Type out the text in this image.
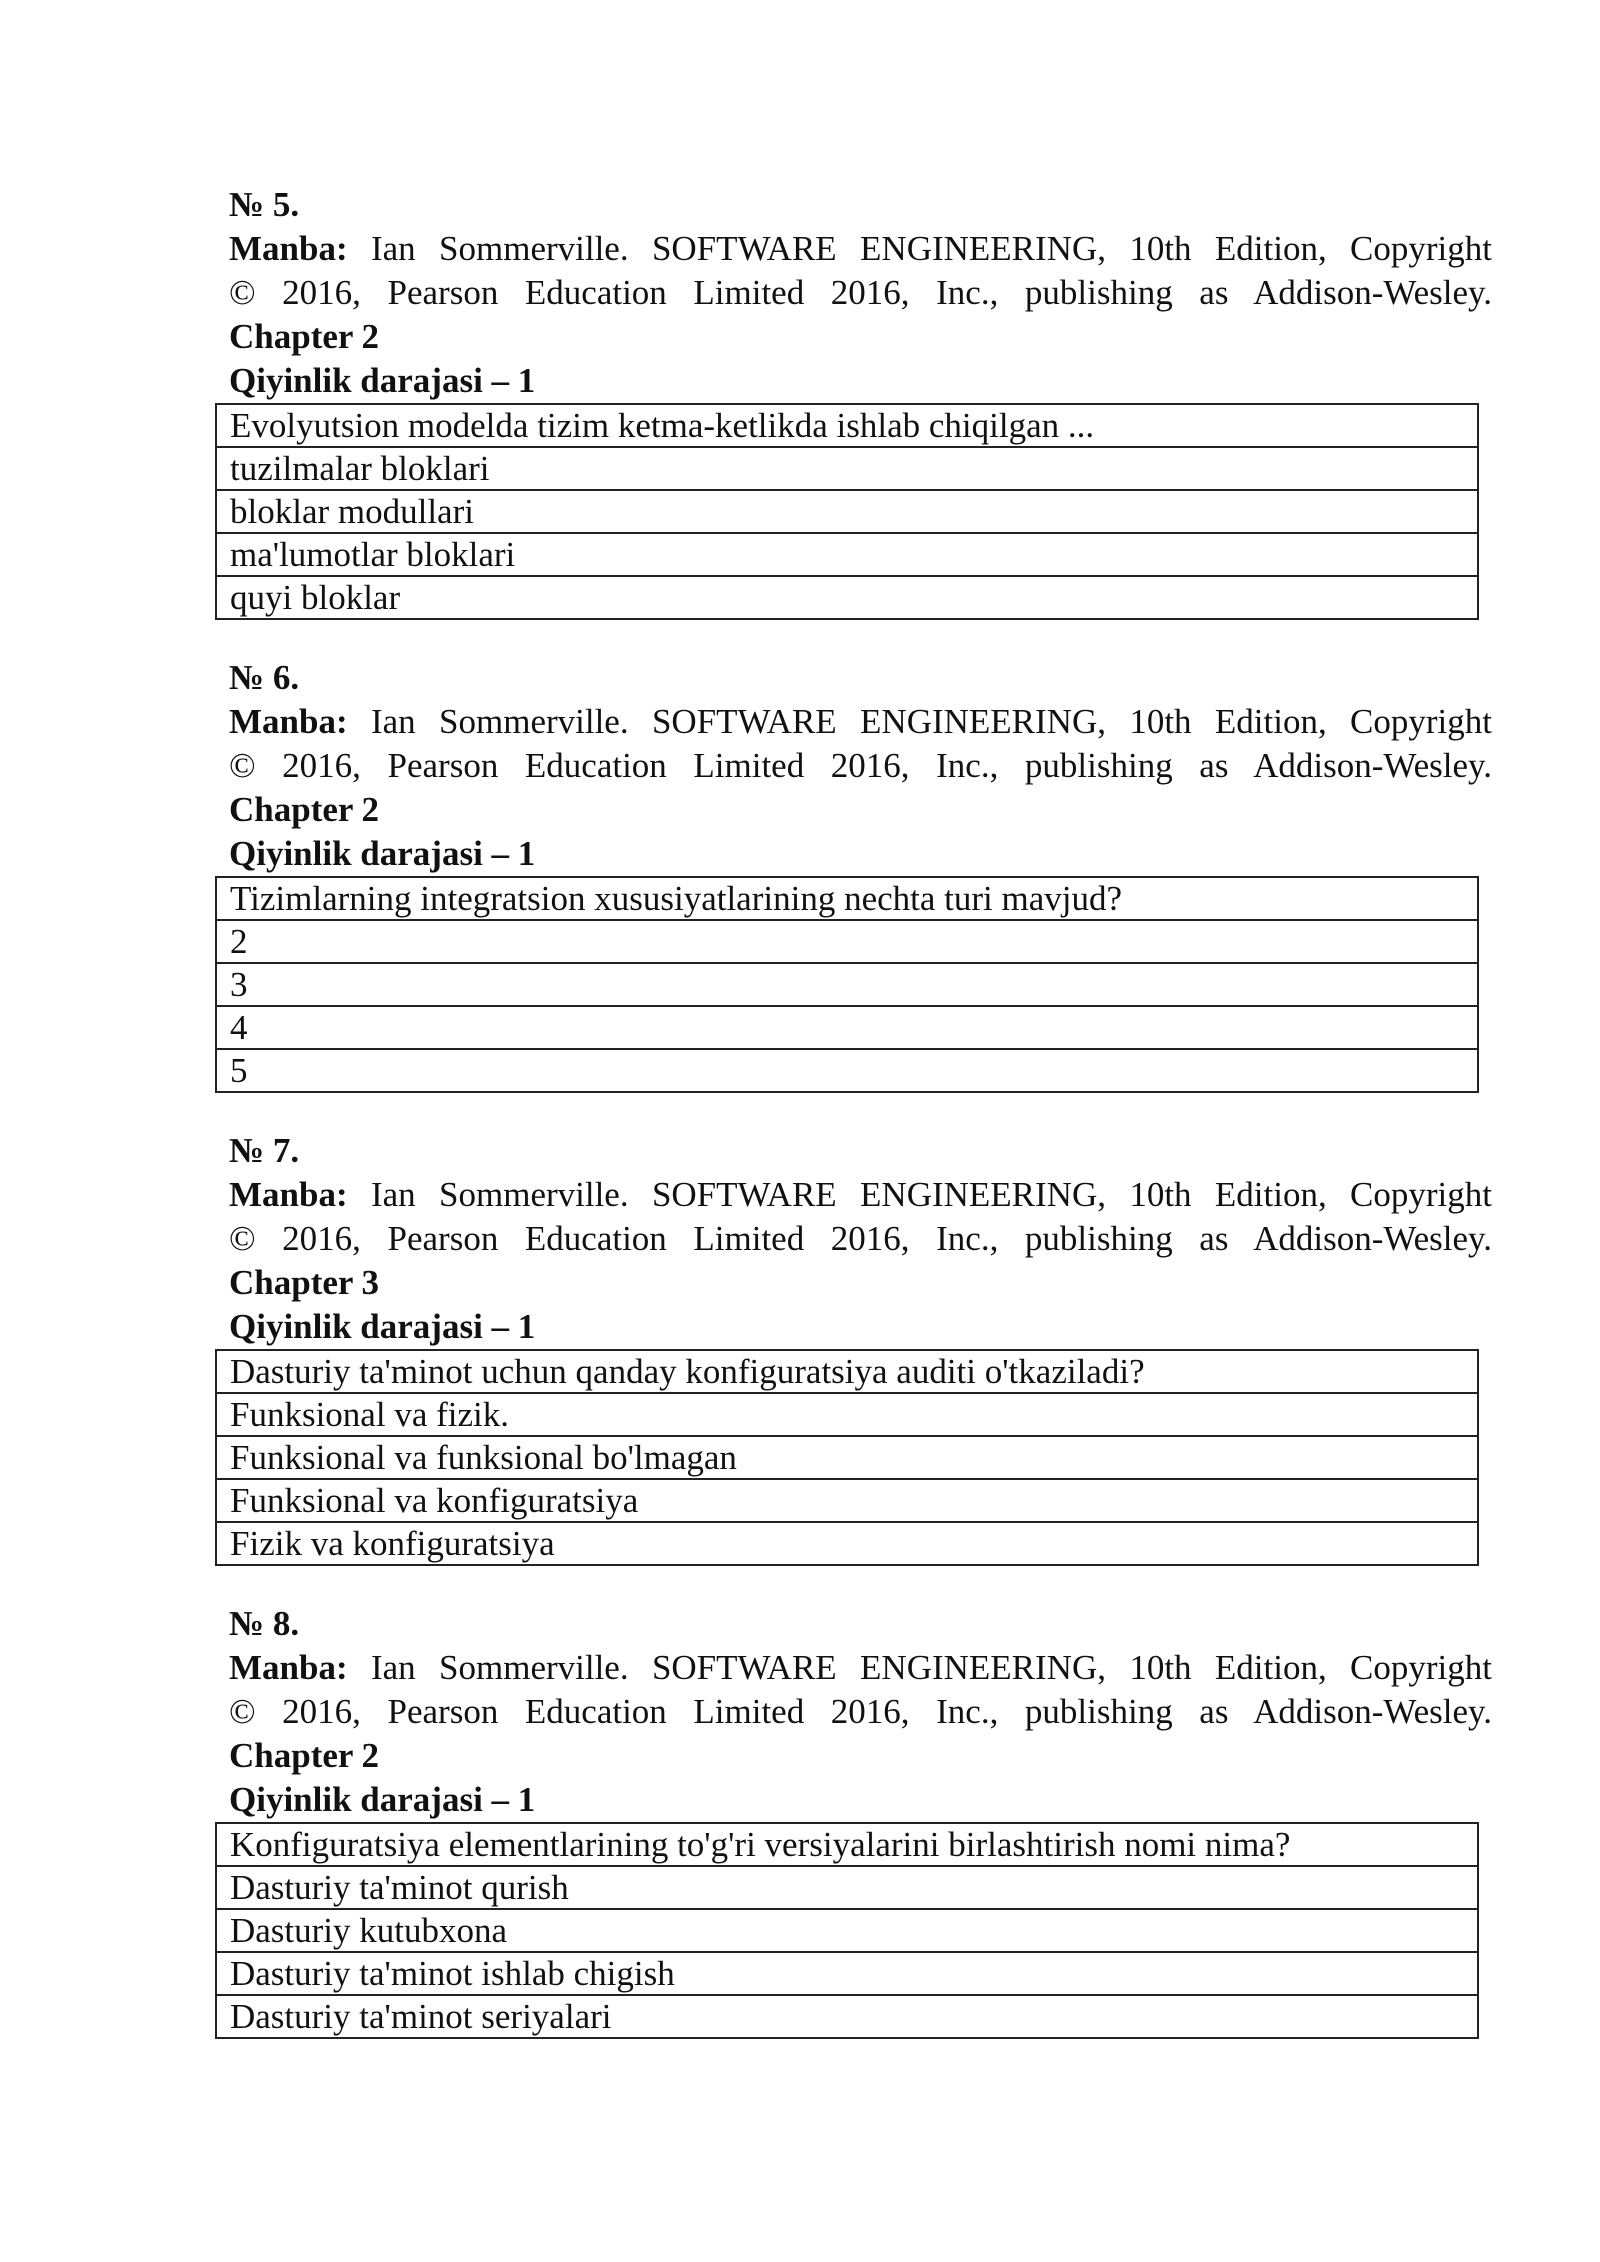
№ 5.
Manba: Ian Sommerville. SOFTWARE ENGINEERING, 10th Edition, Copyright
© 2016, Pearson Education Limited 2016, Inc., publishing as Addison-Wesley.
Chapter 2
Qiyinlik darajasi – 1
Evolyutsion modelda tizim ketma-ketlikda ishlab chiqilgan ...
tuzilmalar bloklari
bloklar modullari
ma'lumotlar bloklari
quyi bloklar
№ 6.
Manba: Ian Sommerville. SOFTWARE ENGINEERING, 10th Edition, Copyright
© 2016, Pearson Education Limited 2016, Inc., publishing as Addison-Wesley.
Chapter 2
Qiyinlik darajasi – 1
Tizimlarning integratsion xususiyatlarining nechta turi mavjud?
2
3
4
5
№ 7.
Manba: Ian Sommerville. SOFTWARE ENGINEERING, 10th Edition, Copyright
© 2016, Pearson Education Limited 2016, Inc., publishing as Addison-Wesley.
Chapter 3
Qiyinlik darajasi – 1
Dasturiy ta'minot uchun qanday konfiguratsiya auditi o'tkaziladi?
Funksional va fizik.
Funksional va funksional bo'lmagan
Funksional va konfiguratsiya
Fizik va konfiguratsiya
№ 8.
Manba: Ian Sommerville. SOFTWARE ENGINEERING, 10th Edition, Copyright
© 2016, Pearson Education Limited 2016, Inc., publishing as Addison-Wesley.
Chapter 2
Qiyinlik darajasi – 1
Konfiguratsiya elementlarining to'g'ri versiyalarini birlashtirish nomi nima?
Dasturiy ta'minot qurish
Dasturiy kutubxona
Dasturiy ta'minot ishlab chigish
Dasturiy ta'minot seriyalari
